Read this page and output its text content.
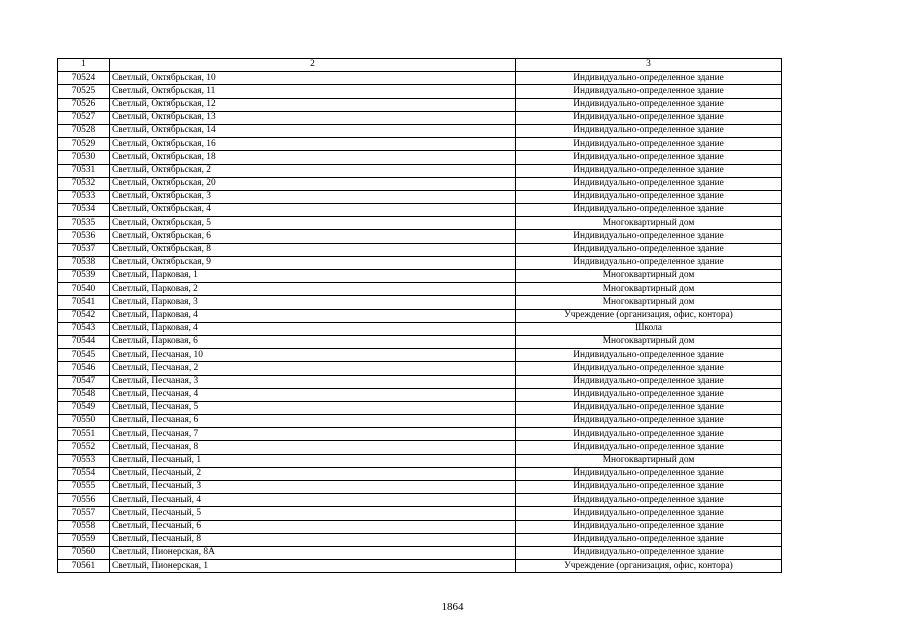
1	2	3
70524	Светлый, Октябрьская, 10	Индивидуально-определенное здание
70525	Светлый, Октябрьская, 11	Индивидуально-определенное здание
70526	Светлый, Октябрьская, 12	Индивидуально-определенное здание
70527	Светлый, Октябрьская, 13	Индивидуально-определенное здание
70528	Светлый, Октябрьская, 14	Индивидуально-определенное здание
70529	Светлый, Октябрьская, 16	Индивидуально-определенное здание
70530	Светлый, Октябрьская, 18	Индивидуально-определенное здание
70531	Светлый, Октябрьская, 2	Индивидуально-определенное здание
70532	Светлый, Октябрьская, 20	Индивидуально-определенное здание
70533	Светлый, Октябрьская, 3	Индивидуально-определенное здание
70534	Светлый, Октябрьская, 4	Индивидуально-определенное здание
70535	Светлый, Октябрьская, 5	Многоквартирный дом
70536	Светлый, Октябрьская, 6	Индивидуально-определенное здание
70537	Светлый, Октябрьская, 8	Индивидуально-определенное здание
70538	Светлый, Октябрьская, 9	Индивидуально-определенное здание
70539	Светлый, Парковая, 1	Многоквартирный дом
70540	Светлый, Парковая, 2	Многоквартирный дом
70541	Светлый, Парковая, 3	Многоквартирный дом
70542	Светлый, Парковая, 4	Учреждение (организация, офис, контора)
70543	Светлый, Парковая, 4	Школа
70544	Светлый, Парковая, 6	Многоквартирный дом
70545	Светлый, Песчаная, 10	Индивидуально-определенное здание
70546	Светлый, Песчаная, 2	Индивидуально-определенное здание
70547	Светлый, Песчаная, 3	Индивидуально-определенное здание
70548	Светлый, Песчаная, 4	Индивидуально-определенное здание
70549	Светлый, Песчаная, 5	Индивидуально-определенное здание
70550	Светлый, Песчаная, 6	Индивидуально-определенное здание
70551	Светлый, Песчаная, 7	Индивидуально-определенное здание
70552	Светлый, Песчаная, 8	Индивидуально-определенное здание
70553	Светлый, Песчаный, 1	Многоквартирный дом
70554	Светлый, Песчаный, 2	Индивидуально-определенное здание
70555	Светлый, Песчаный, 3	Индивидуально-определенное здание
70556	Светлый, Песчаный, 4	Индивидуально-определенное здание
70557	Светлый, Песчаный, 5	Индивидуально-определенное здание
70558	Светлый, Песчаный, 6	Индивидуально-определенное здание
70559	Светлый, Песчаный, 8	Индивидуально-определенное здание
70560	Светлый, Пионерская, 8А	Индивидуально-определенное здание
70561	Светлый, Пионерская, 1	Учреждение (организация, офис, контора)
1864
